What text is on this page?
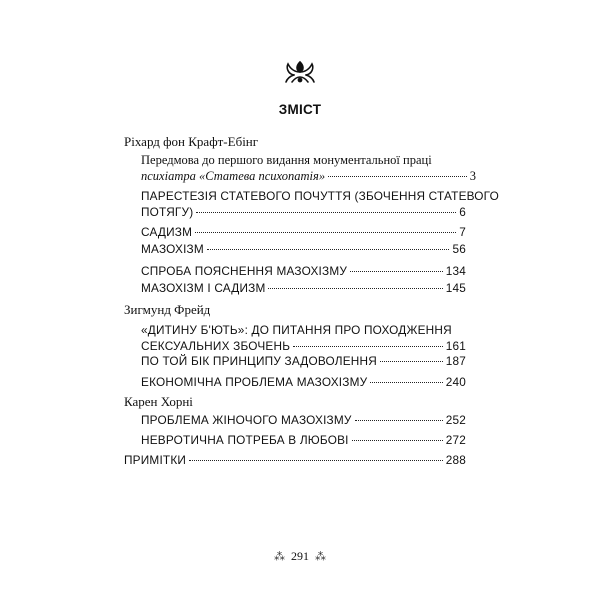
ЗМІСТ
Ріхард фон Крафт-Ебінг
Передмова до першого видання монументальної праці
психіатра «Статева психопатія»	3
ПАРЕСТЕЗІЯ СТАТЕВОГО ПОЧУТТЯ (ЗБОЧЕННЯ СТАТЕВОГО
ПОТЯГУ)	6
САДИЗМ	7
МАЗОХІЗМ	56
СПРОБА ПОЯСНЕННЯ МАЗОХІЗМУ	134
МАЗОХІЗМ І САДИЗМ	145
Зигмунд Фрейд
«ДИТИНУ Б'ЮТЬ»: ДО ПИТАННЯ ПРО ПОХОДЖЕННЯ
СЕКСУАЛЬНИХ ЗБОЧЕНЬ	161
ПО ТОЙ БІК ПРИНЦИПУ ЗАДОВОЛЕННЯ	187
ЕКОНОМІЧНА ПРОБЛЕМА МАЗОХІЗМУ	240
Карен Хорні
ПРОБЛЕМА ЖІНОЧОГО МАЗОХІЗМУ	252
НЕВРОТИЧНА ПОТРЕБА В ЛЮБОВІ	272
ПРИМІТКИ	288
⁂ 291 ⁂
